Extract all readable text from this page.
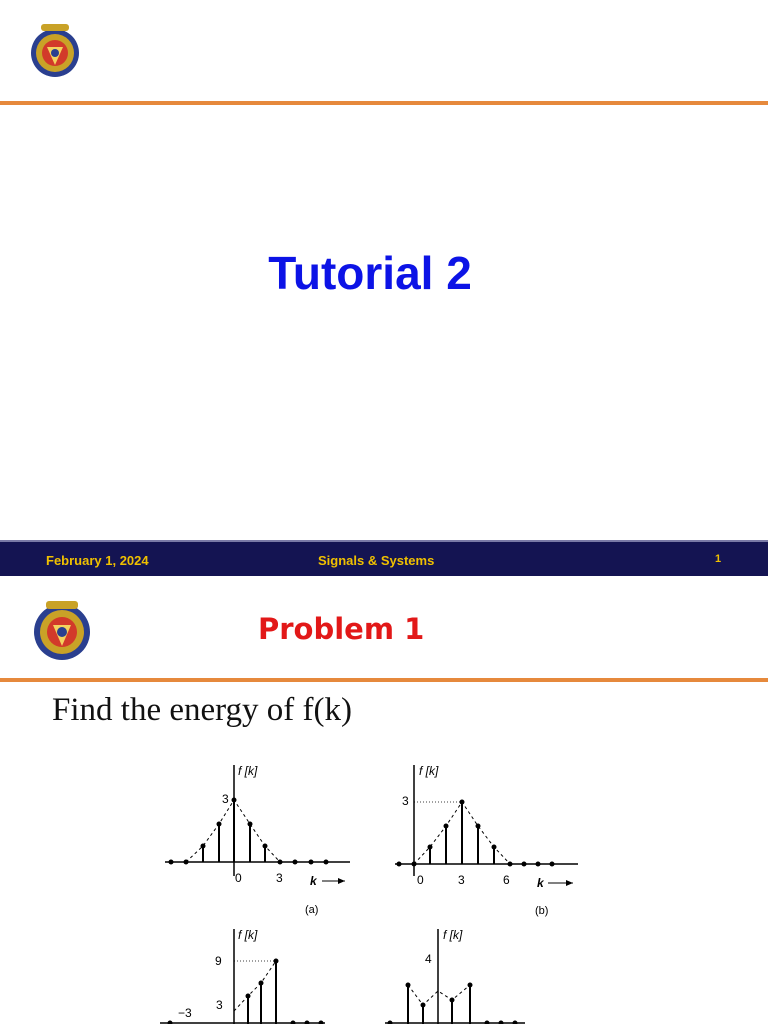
Tutorial 2
February 1, 2024	Signals & Systems	1
Problem 1
Find the energy of f(k)
f [k]
3
0	3 k
(a)
f [k]
3
0	3	6 k
(b)
f [k]
9
3
−3
f [k]
4
